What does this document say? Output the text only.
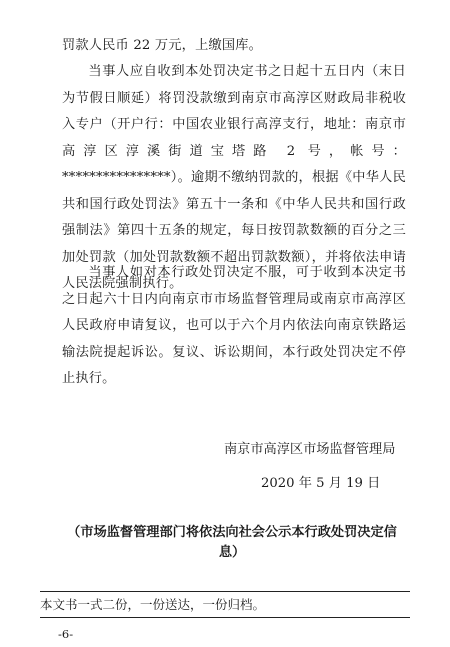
罚款人民币 22 万元，上缴国库。
当事人应自收到本处罚决定书之日起十五日内（末日为节假日顺延）将罚没款缴到南京市高淳区财政局非税收入专户（开户行：中国农业银行高淳支行，地址：南京市高淳区淳溪街道宝塔路 2 号，帐号：****************）。逾期不缴纳罚款的，根据《中华人民共和国行政处罚法》第五十一条和《中华人民共和国行政强制法》第四十五条的规定，每日按罚款数额的百分之三加处罚款（加处罚款数额不超出罚款数额），并将依法申请人民法院强制执行。
当事人如对本行政处罚决定不服，可于收到本决定书之日起六十日内向南京市市场监督管理局或南京市高淳区人民政府申请复议，也可以于六个月内依法向南京铁路运输法院提起诉讼。复议、诉讼期间，本行政处罚决定不停止执行。
南京市高淳区市场监督管理局
2020 年 5 月 19 日
（市场监督管理部门将依法向社会公示本行政处罚决定信息）
本文书一式二份，一份送达，一份归档。
-6-
